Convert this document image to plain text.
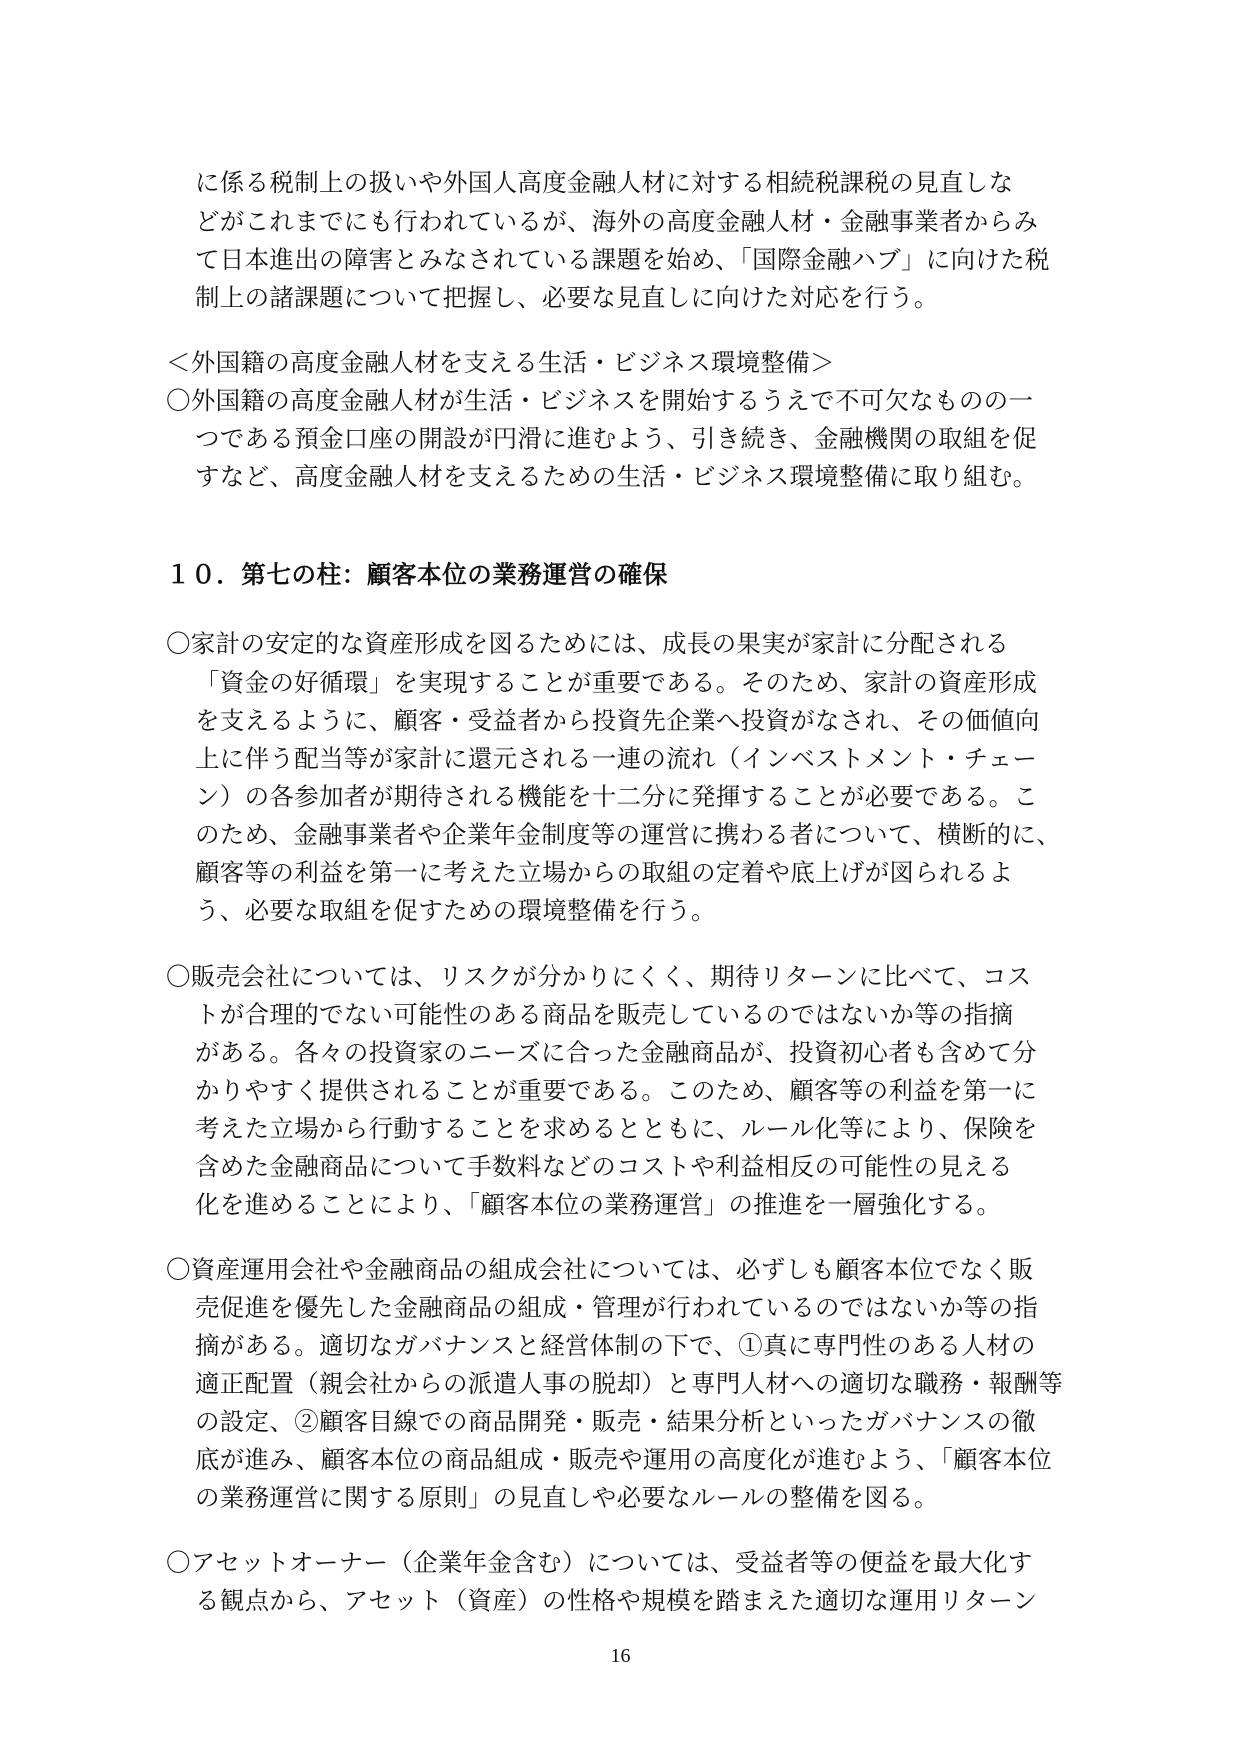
に係る税制上の扱いや外国人高度金融人材に対する相続税課税の見直しな
どがこれまでにも行われているが、海外の高度金融人材・金融事業者からみ
て日本進出の障害とみなされている課題を始め、「国際金融ハブ」に向けた税
制上の諸課題について把握し、必要な見直しに向けた対応を行う。
＜外国籍の高度金融人材を支える生活・ビジネス環境整備＞
〇外国籍の高度金融人材が生活・ビジネスを開始するうえで不可欠なものの一
つである預金口座の開設が円滑に進むよう、引き続き、金融機関の取組を促
すなど、高度金融人材を支えるための生活・ビジネス環境整備に取り組む。
１０．第七の柱：顧客本位の業務運営の確保
〇家計の安定的な資産形成を図るためには、成長の果実が家計に分配される
「資金の好循環」を実現することが重要である。そのため、家計の資産形成
を支えるように、顧客・受益者から投資先企業へ投資がなされ、その価値向
上に伴う配当等が家計に還元される一連の流れ（インベストメント・チェー
ン）の各参加者が期待される機能を十二分に発揮することが必要である。こ
のため、金融事業者や企業年金制度等の運営に携わる者について、横断的に、
顧客等の利益を第一に考えた立場からの取組の定着や底上げが図られるよ
う、必要な取組を促すための環境整備を行う。
〇販売会社については、リスクが分かりにくく、期待リターンに比べて、コス
トが合理的でない可能性のある商品を販売しているのではないか等の指摘
がある。各々の投資家のニーズに合った金融商品が、投資初心者も含めて分
かりやすく提供されることが重要である。このため、顧客等の利益を第一に
考えた立場から行動することを求めるとともに、ルール化等により、保険を
含めた金融商品について手数料などのコストや利益相反の可能性の見える
化を進めることにより、「顧客本位の業務運営」の推進を一層強化する。
〇資産運用会社や金融商品の組成会社については、必ずしも顧客本位でなく販
売促進を優先した金融商品の組成・管理が行われているのではないか等の指
摘がある。適切なガバナンスと経営体制の下で、①真に専門性のある人材の
適正配置（親会社からの派遣人事の脱却）と専門人材への適切な職務・報酬等
の設定、②顧客目線での商品開発・販売・結果分析といったガバナンスの徹
底が進み、顧客本位の商品組成・販売や運用の高度化が進むよう、「顧客本位
の業務運営に関する原則」の見直しや必要なルールの整備を図る。
〇アセットオーナー（企業年金含む）については、受益者等の便益を最大化す
る観点から、アセット（資産）の性格や規模を踏まえた適切な運用リターン
16
